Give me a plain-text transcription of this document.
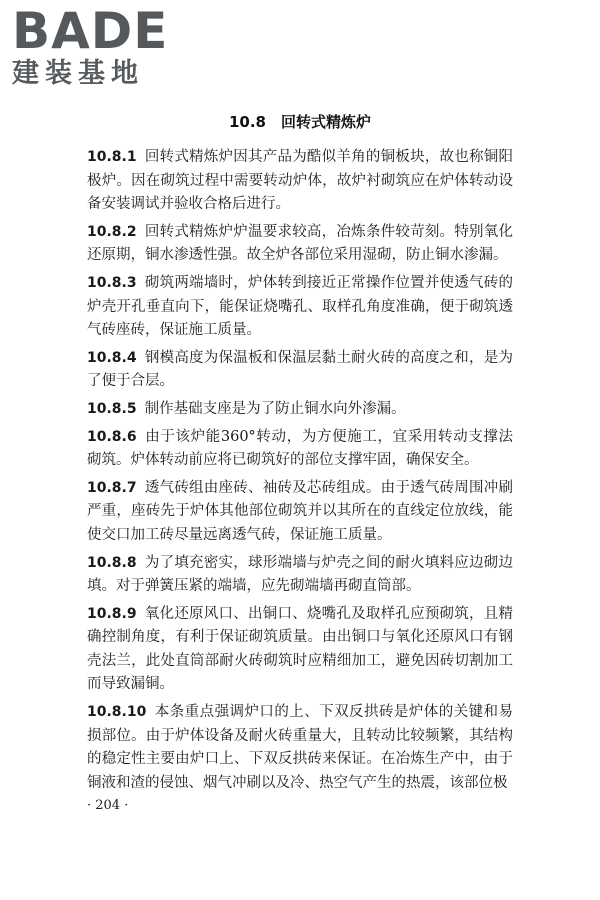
BADE
建装基地
10.8　回转式精炼炉

10.8.1 回转式精炼炉因其产品为酷似羊角的铜板块，故也称铜阳极炉。因在砌筑过程中需要转动炉体，故炉衬砌筑应在炉体转动设备安装调试并验收合格后进行。

10.8.2 回转式精炼炉炉温要求较高，冶炼条件较苛刻。特别氧化还原期，铜水渗透性强。故全炉各部位采用湿砌，防止铜水渗漏。

10.8.3 砌筑两端墙时，炉体转到接近正常操作位置并使透气砖的炉壳开孔垂直向下，能保证烧嘴孔、取样孔角度准确，便于砌筑透气砖座砖，保证施工质量。

10.8.4 钢模高度为保温板和保温层黏土耐火砖的高度之和，是为了便于合层。

10.8.5 制作基础支座是为了防止铜水向外渗漏。

10.8.6 由于该炉能360°转动，为方便施工，宜采用转动支撑法砌筑。炉体转动前应将已砌筑好的部位支撑牢固，确保安全。

10.8.7 透气砖组由座砖、袖砖及芯砖组成。由于透气砖周围冲刷严重，座砖先于炉体其他部位砌筑并以其所在的直线定位放线，能使交口加工砖尽量远离透气砖，保证施工质量。

10.8.8 为了填充密实，球形端墙与炉壳之间的耐火填料应边砌边填。对于弹簧压紧的端墙，应先砌端墙再砌直筒部。

10.8.9 氧化还原风口、出铜口、烧嘴孔及取样孔应预砌筑，且精确控制角度，有利于保证砌筑质量。由出铜口与氧化还原风口有钢壳法兰，此处直筒部耐火砖砌筑时应精细加工，避免因砖切割加工而导致漏铜。

10.8.10 本条重点强调炉口的上、下双反拱砖是炉体的关键和易损部位。由于炉体设备及耐火砖重量大，且转动比较频繁，其结构的稳定性主要由炉口上、下双反拱砖来保证。在冶炼生产中，由于铜液和渣的侵蚀、烟气冲刷以及冷、热空气产生的热震，该部位极

· 204 ·
